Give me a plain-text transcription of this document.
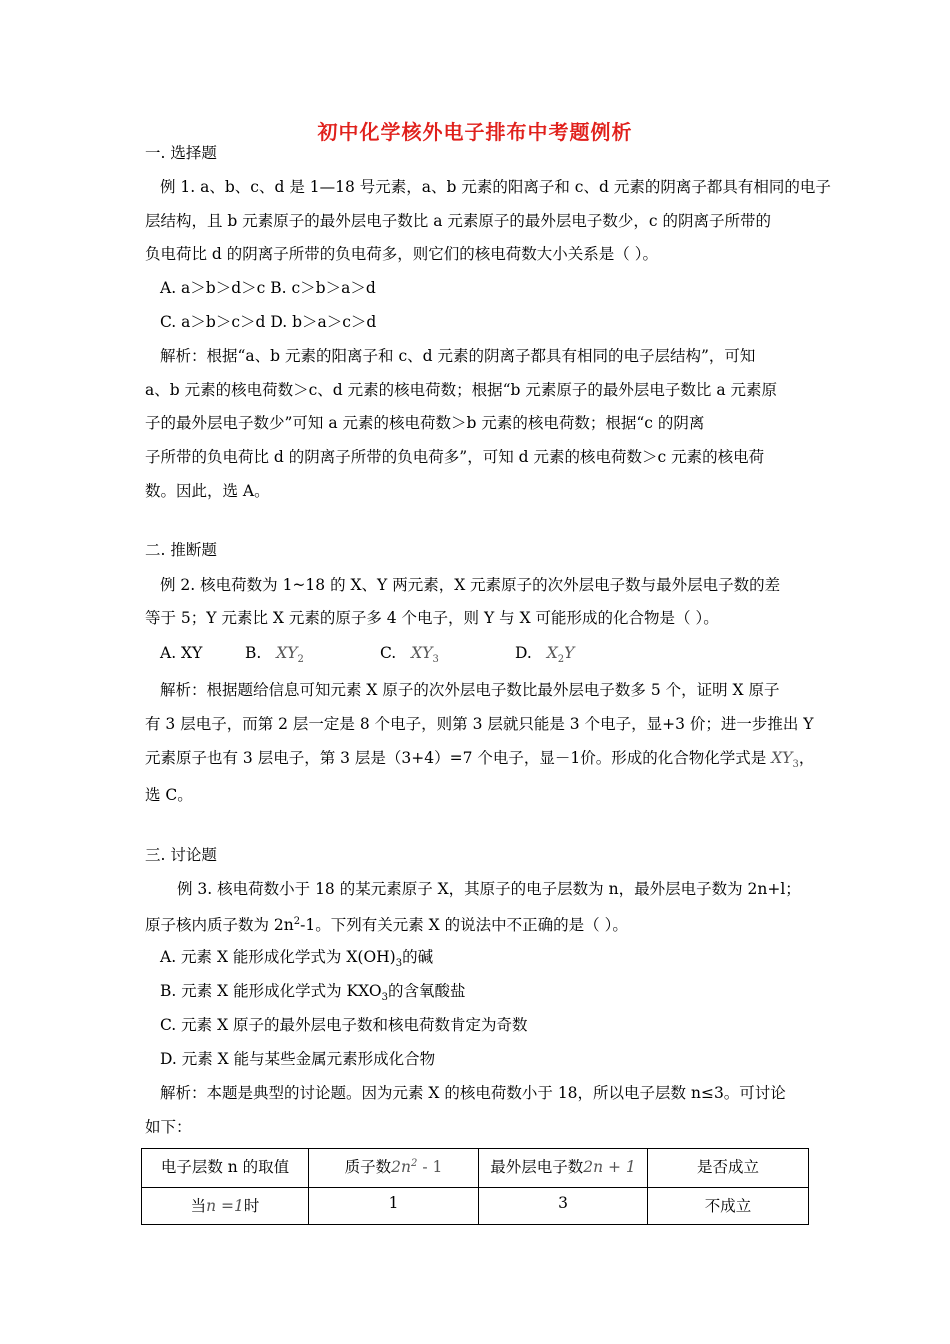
初中化学核外电子排布中考题例析
一. 选择题
例 1. a、b、c、d 是 1—18 号元素，a、b 元素的阳离子和 c、d 元素的阴离子都具有相同的电子
层结构，且 b 元素原子的最外层电子数比 a 元素原子的最外层电子数少，c 的阴离子所带的
负电荷比 d 的阴离子所带的负电荷多，则它们的核电荷数大小关系是（ ）。
A. a＞b＞d＞c B. c＞b＞a＞d
C. a＞b＞c＞d D. b＞a＞c＞d
解析：根据“a、b 元素的阳离子和 c、d 元素的阴离子都具有相同的电子层结构”，可知
a、b 元素的核电荷数＞c、d 元素的核电荷数；根据“b 元素原子的最外层电子数比 a 元素原
子的最外层电子数少”可知 a 元素的核电荷数＞b 元素的核电荷数；根据“c 的阴离
子所带的负电荷比 d 的阴离子所带的负电荷多”，可知 d 元素的核电荷数＞c 元素的核电荷
数。因此，选 A。
二. 推断题
例 2. 核电荷数为 1~18 的 X、Y 两元素，X 元素原子的次外层电子数与最外层电子数的差
等于 5；Y 元素比 X 元素的原子多 4 个电子，则 Y 与 X 可能形成的化合物是（ ）。
A. XY	B. $XY_2$	C. $XY_3$	D. $X_2Y$
解析：根据题给信息可知元素 X 原子的次外层电子数比最外层电子数多 5 个，证明 X 原子
有 3 层电子，而第 2 层一定是 8 个电子，则第 3 层就只能是 3 个电子，显+3 价；进一步推出 Y
元素原子也有 3 层电子，第 3 层是（3+4）=7 个电子，显－1价。形成的化合物化学式是 $XY_3$，
选 C。
三. 讨论题
例 3. 核电荷数小于 18 的某元素原子 X，其原子的电子层数为 n，最外层电子数为 2n+l；
原子核内质子数为 $2n^2-1$。下列有关元素 X 的说法中不正确的是（ ）。
A. 元素 X 能形成化学式为 $X(OH)_3$的碱
B. 元素 X 能形成化学式为 $KXO_3$的含氧酸盐
C. 元素 X 原子的最外层电子数和核电荷数肯定为奇数
D. 元素 X 能与某些金属元素形成化合物
解析：本题是典型的讨论题。因为元素 X 的核电荷数小于 18，所以电子层数 n≤3。可讨论
如下：
电子层数 n 的取值	质子数$2n^2 - 1$	最外层电子数2n + 1	是否成立
当n =1时	1	3	不成立
